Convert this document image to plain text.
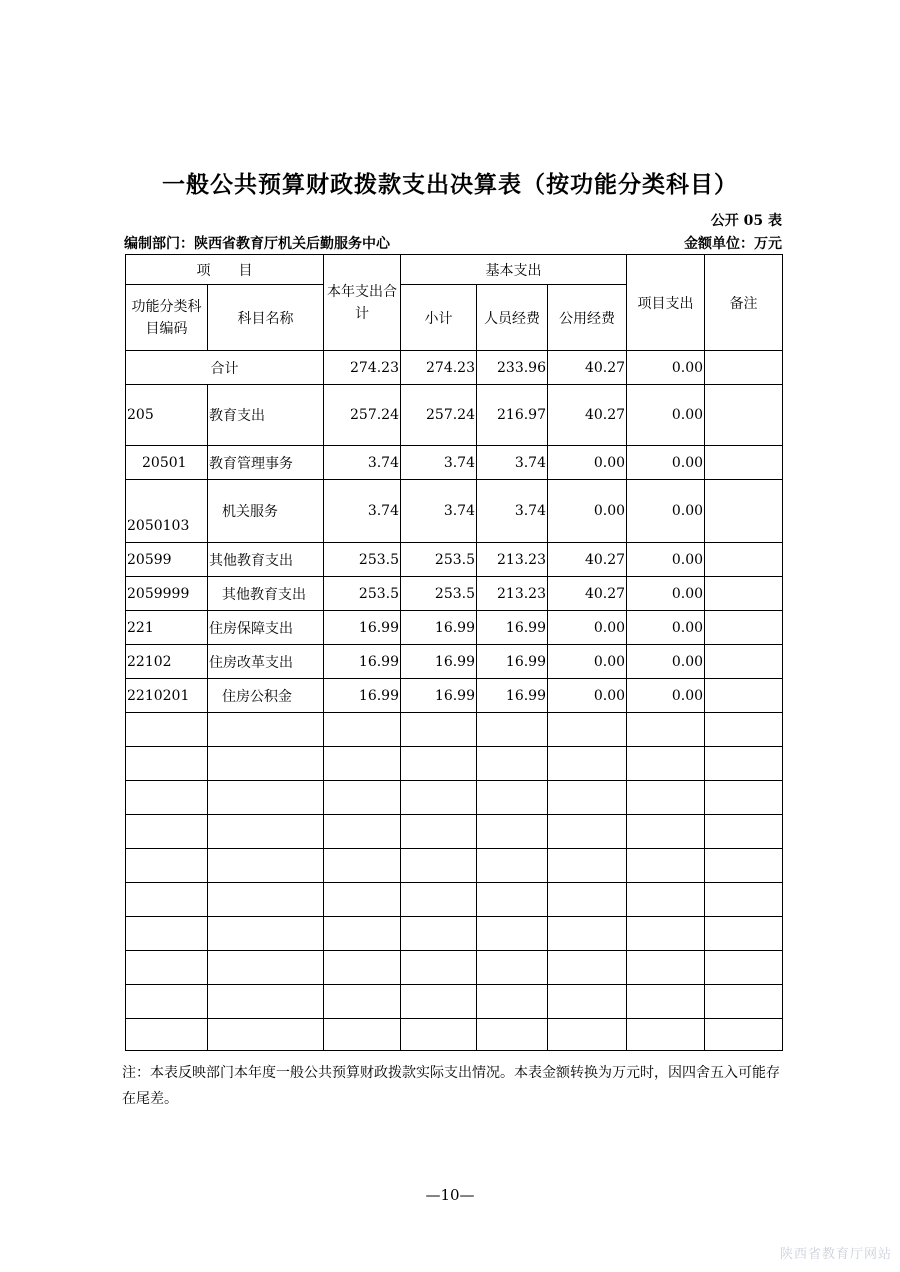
一般公共预算财政拨款支出决算表（按功能分类科目）
公开 05 表
编制部门：陕西省教育厅机关后勤服务中心	金额单位：万元
项　　目		本年支出合计	基本支出			项目支出	备注
功能分类科目编码	科目名称		小计	人员经费	公用经费		
合计		274.23	274.23	233.96	40.27	0.00	
205	教育支出	257.24	257.24	216.97	40.27	0.00	
20501	教育管理事务	3.74	3.74	3.74	0.00	0.00	
2050103	机关服务	3.74	3.74	3.74	0.00	0.00	
20599	其他教育支出	253.5	253.5	213.23	40.27	0.00	
2059999	其他教育支出	253.5	253.5	213.23	40.27	0.00	
221	住房保障支出	16.99	16.99	16.99	0.00	0.00	
22102	住房改革支出	16.99	16.99	16.99	0.00	0.00	
2210201	住房公积金	16.99	16.99	16.99	0.00	0.00	

注：本表反映部门本年度一般公共预算财政拨款实际支出情况。本表金额转换为万元时，因四舍五入可能存在尾差。
—10—
陕西省教育厅网站
